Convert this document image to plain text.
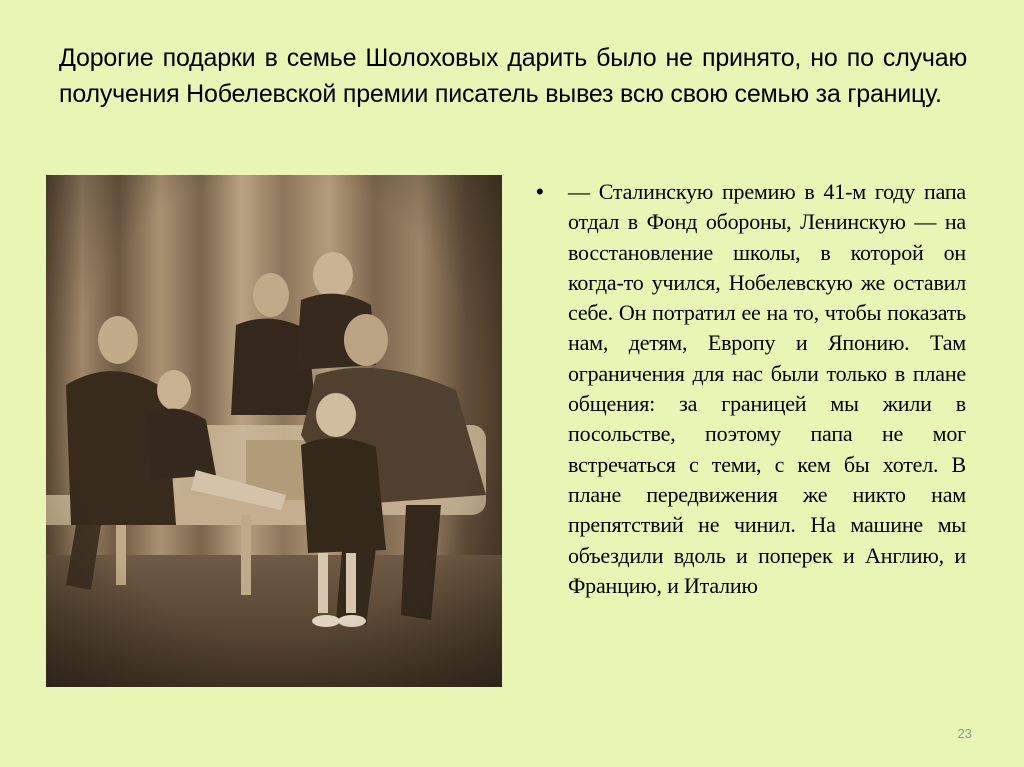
Дорогие подарки в семье Шолоховых дарить было не принято, но по случаю получения Нобелевской премии писатель вывез всю свою семью за границу.
• — Сталинскую премию в 41-м году папа отдал в Фонд обороны, Ленинскую — на восстановление школы, в которой он когда-то учился, Нобелевскую же оставил себе. Он потратил ее на то, чтобы показать нам, детям, Европу и Японию. Там ограничения для нас были только в плане общения: за границей мы жили в посольстве, поэтому папа не мог встречаться с теми, с кем бы хотел. В плане передвижения же никто нам препятствий не чинил. На машине мы объездили вдоль и поперек и Англию, и Францию, и Италию
23
